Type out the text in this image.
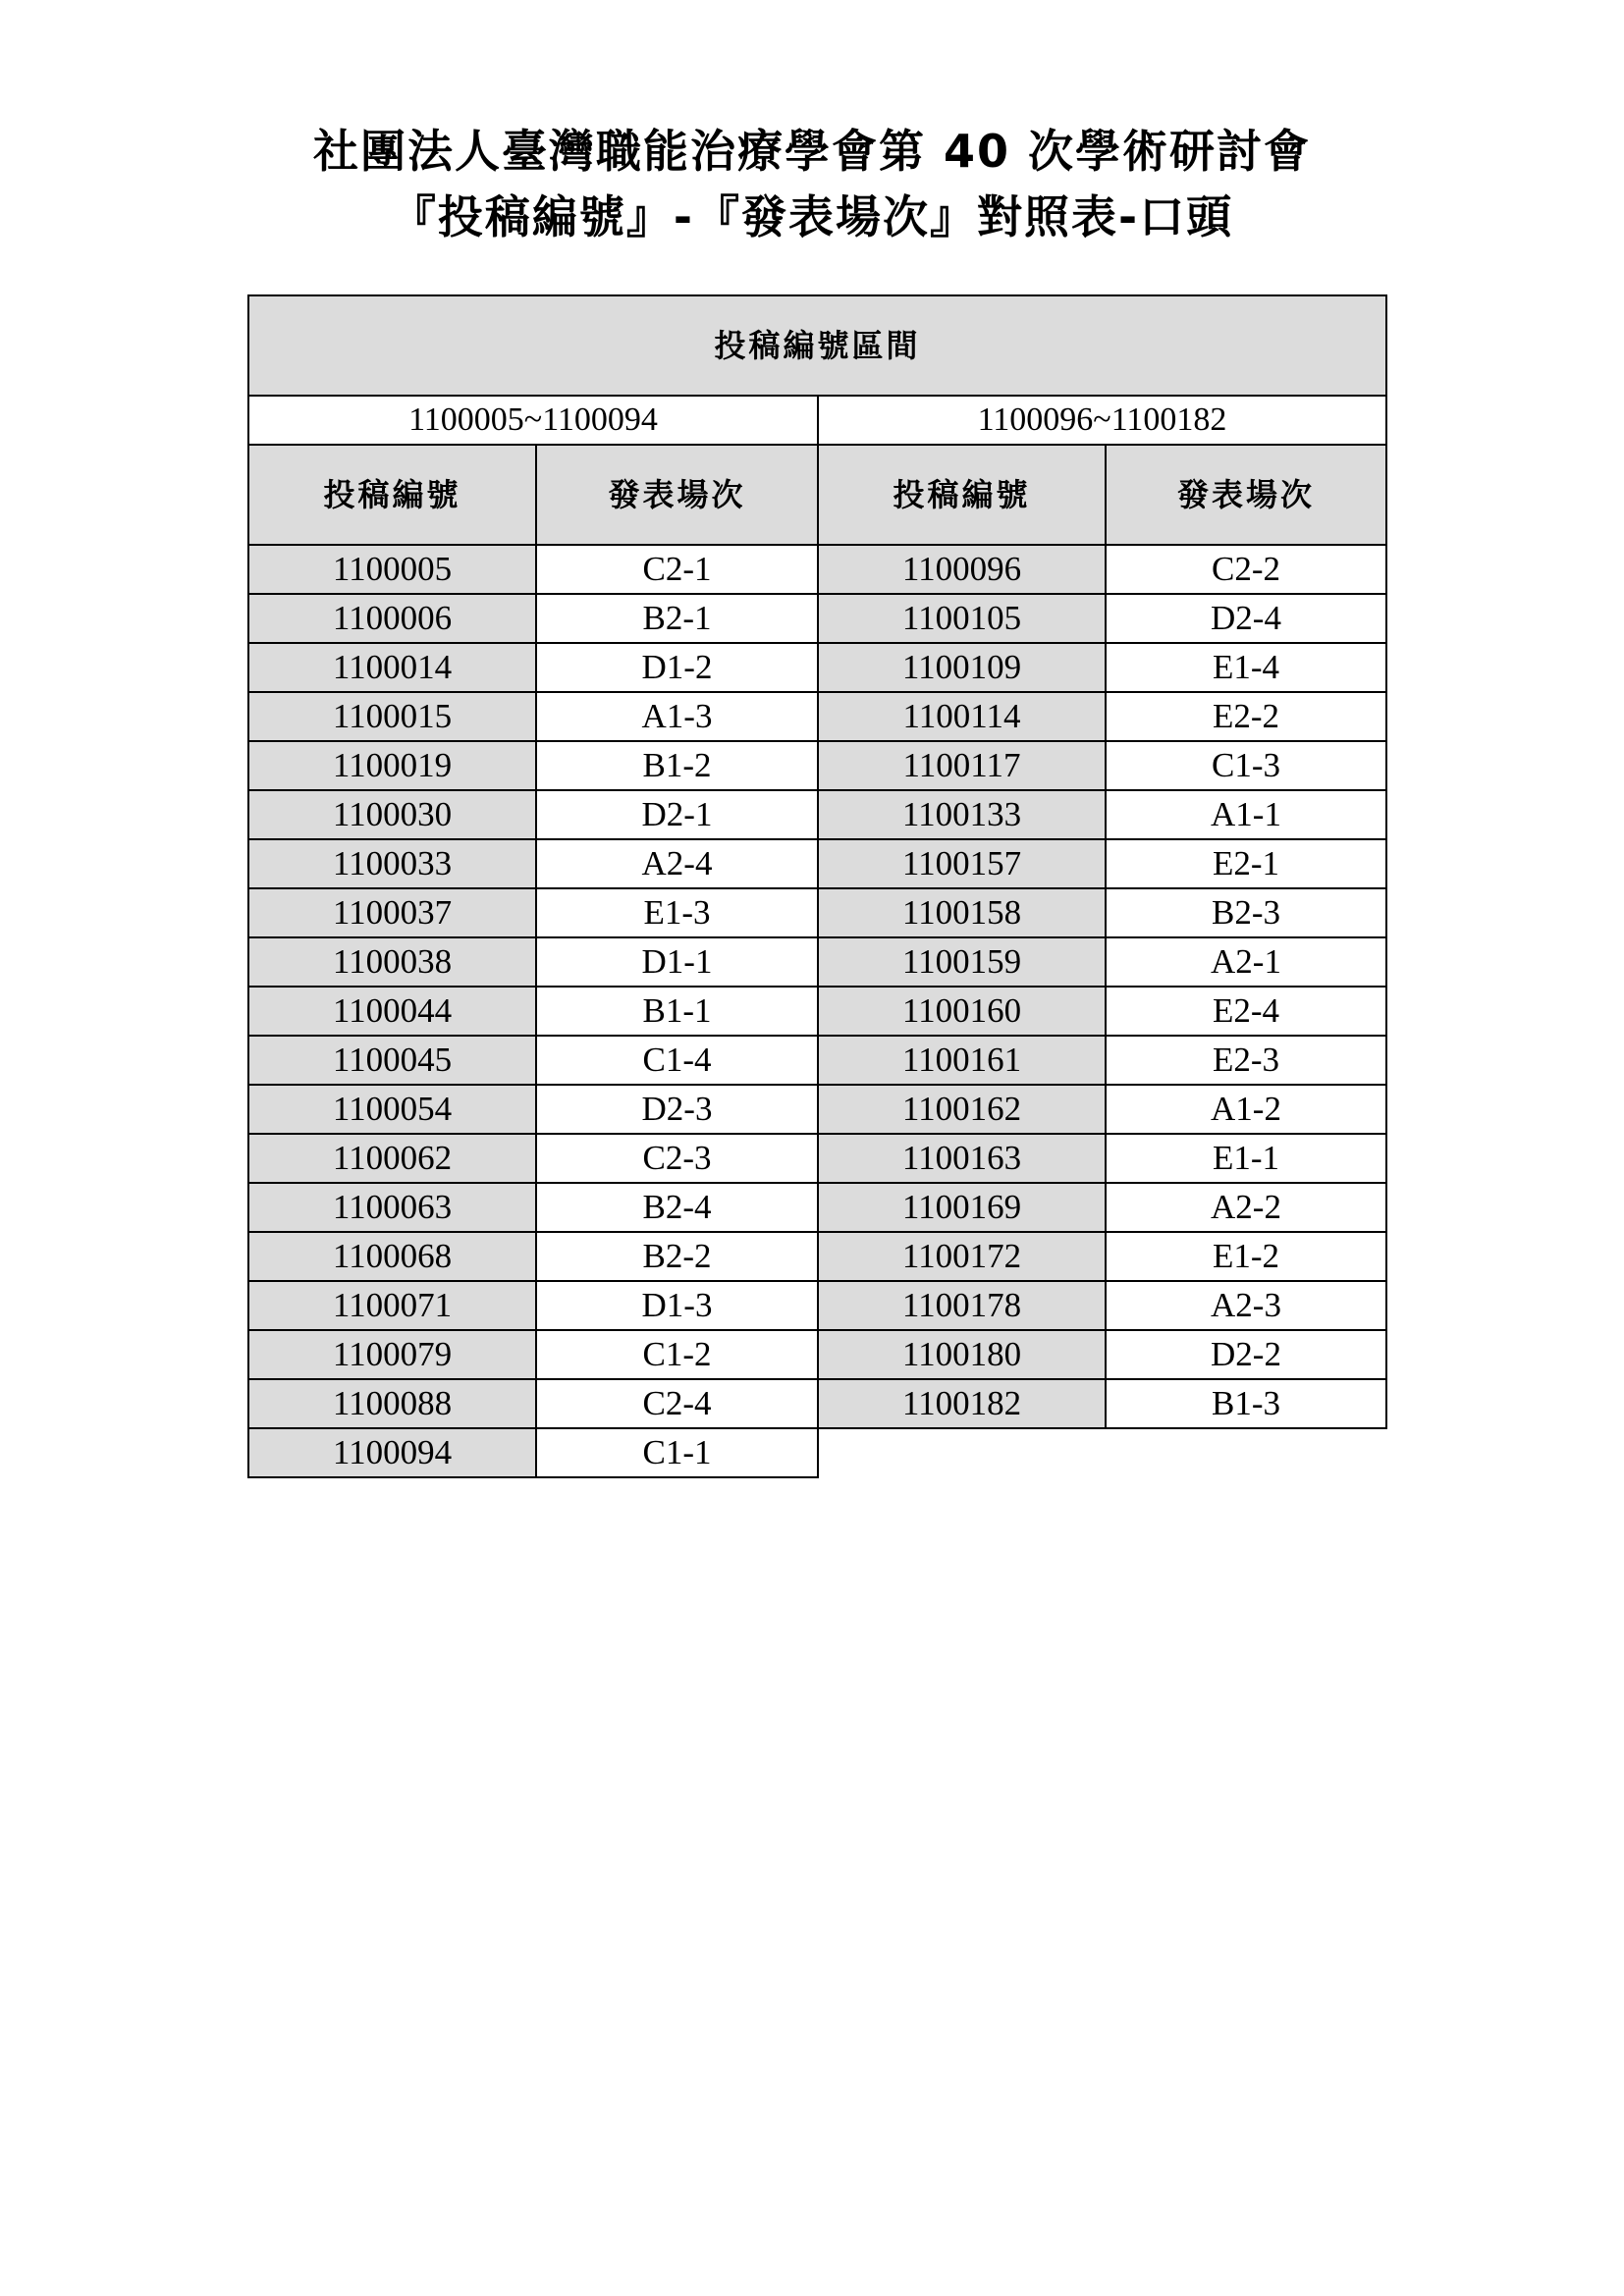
社團法人臺灣職能治療學會第 40 次學術研討會
『投稿編號』-『發表場次』對照表-口頭
投稿編號區間			
1100005~1100094		1100096~1100182	
投稿編號	發表場次	投稿編號	發表場次
1100005	C2-1	1100096	C2-2
1100006	B2-1	1100105	D2-4
1100014	D1-2	1100109	E1-4
1100015	A1-3	1100114	E2-2
1100019	B1-2	1100117	C1-3
1100030	D2-1	1100133	A1-1
1100033	A2-4	1100157	E2-1
1100037	E1-3	1100158	B2-3
1100038	D1-1	1100159	A2-1
1100044	B1-1	1100160	E2-4
1100045	C1-4	1100161	E2-3
1100054	D2-3	1100162	A1-2
1100062	C2-3	1100163	E1-1
1100063	B2-4	1100169	A2-2
1100068	B2-2	1100172	E1-2
1100071	D1-3	1100178	A2-3
1100079	C1-2	1100180	D2-2
1100088	C2-4	1100182	B1-3
1100094	C1-1		
